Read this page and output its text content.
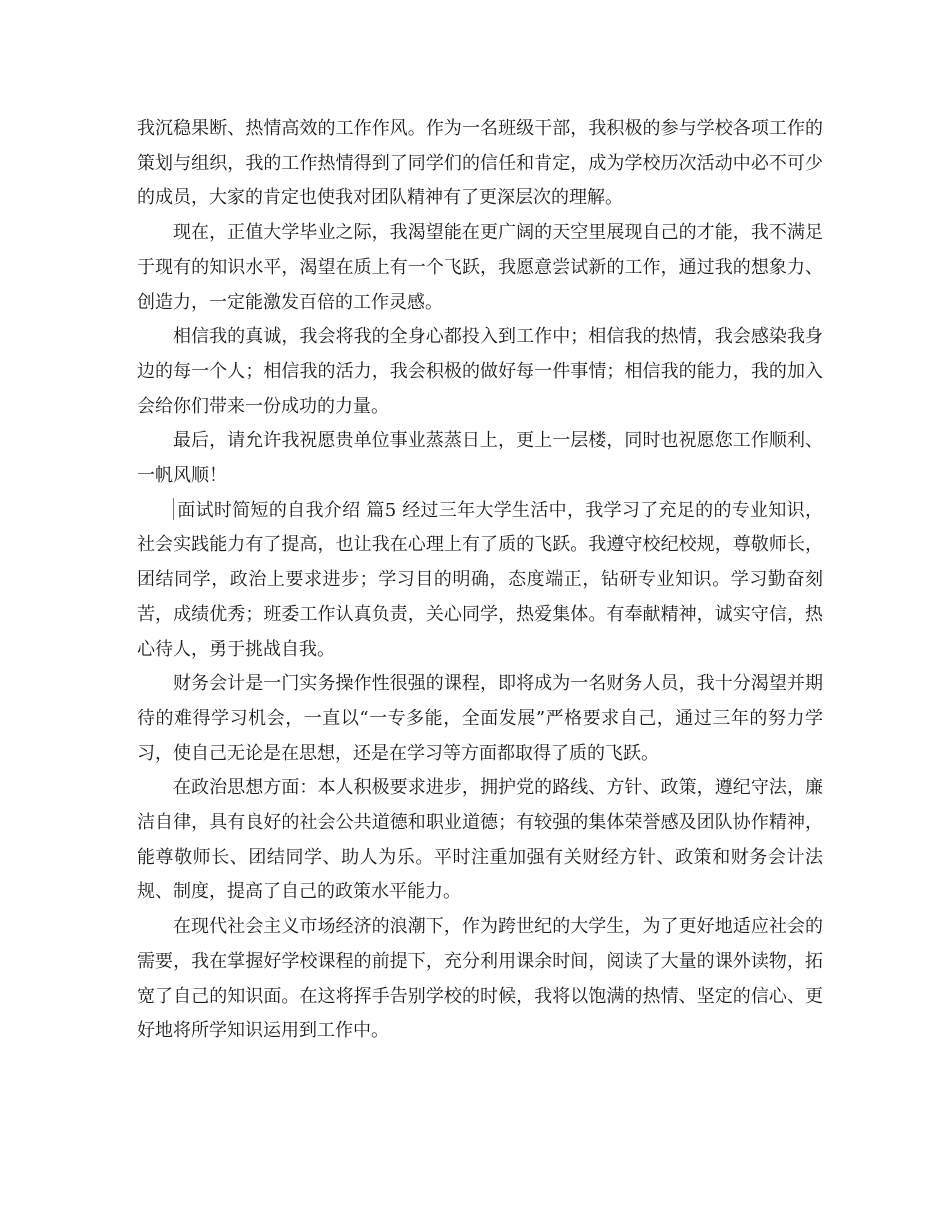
我沉稳果断、热情高效的工作作风。作为一名班级干部，我积极的参与学校各项工作的策划与组织，我的工作热情得到了同学们的信任和肯定，成为学校历次活动中必不可少的成员，大家的肯定也使我对团队精神有了更深层次的理解。

现在，正值大学毕业之际，我渴望能在更广阔的天空里展现自己的才能，我不满足于现有的知识水平，渴望在质上有一个飞跃，我愿意尝试新的工作，通过我的想象力、创造力，一定能激发百倍的工作灵感。

相信我的真诚，我会将我的全身心都投入到工作中；相信我的热情，我会感染我身边的每一个人；相信我的活力，我会积极的做好每一件事情；相信我的能力，我的加入会给你们带来一份成功的力量。

最后，请允许我祝愿贵单位事业蒸蒸日上，更上一层楼，同时也祝愿您工作顺利、一帆风顺！

面试时简短的自我介绍 篇5 经过三年大学生活中，我学习了充足的的专业知识，社会实践能力有了提高，也让我在心理上有了质的飞跃。我遵守校纪校规，尊敬师长，团结同学，政治上要求进步；学习目的明确，态度端正，钻研专业知识。学习勤奋刻苦，成绩优秀；班委工作认真负责，关心同学，热爱集体。有奉献精神，诚实守信，热心待人，勇于挑战自我。

财务会计是一门实务操作性很强的课程，即将成为一名财务人员，我十分渴望并期待的难得学习机会，一直以“一专多能，全面发展”严格要求自己，通过三年的努力学习，使自己无论是在思想，还是在学习等方面都取得了质的飞跃。

在政治思想方面：本人积极要求进步，拥护党的路线、方针、政策，遵纪守法，廉洁自律，具有良好的社会公共道德和职业道德；有较强的集体荣誉感及团队协作精神，能尊敬师长、团结同学、助人为乐。平时注重加强有关财经方针、政策和财务会计法规、制度，提高了自己的政策水平能力。

在现代社会主义市场经济的浪潮下，作为跨世纪的大学生，为了更好地适应社会的需要，我在掌握好学校课程的前提下，充分利用课余时间，阅读了大量的课外读物，拓宽了自己的知识面。在这将挥手告别学校的时候，我将以饱满的热情、坚定的信心、更好地将所学知识运用到工作中。
